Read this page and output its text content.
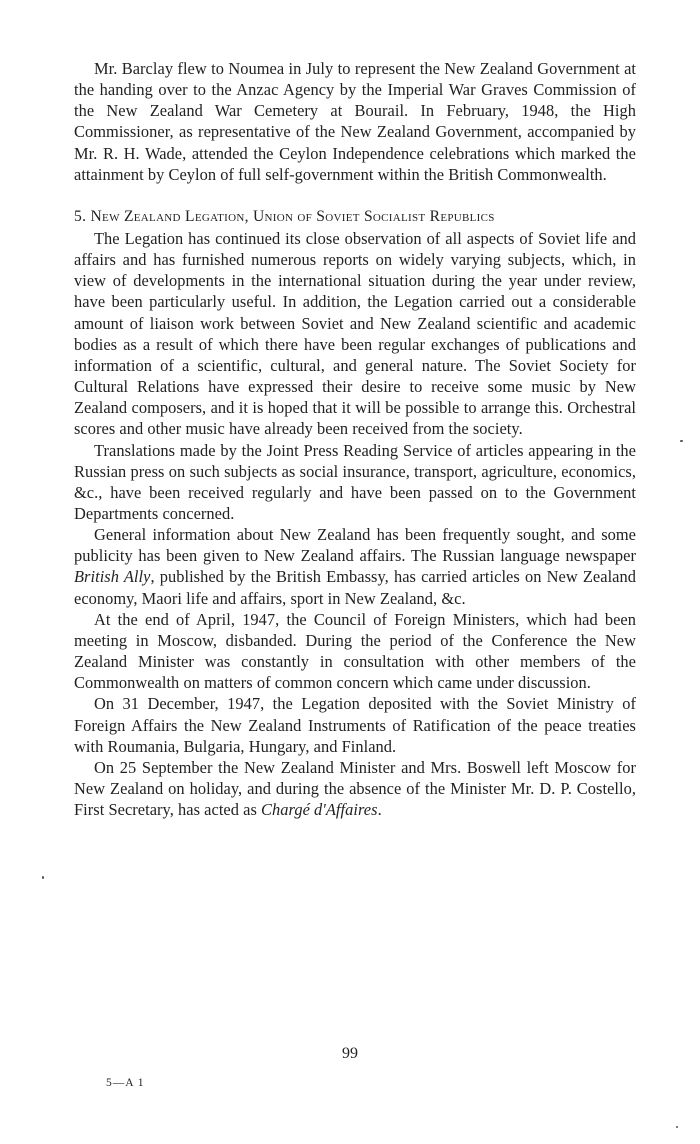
Mr. Barclay flew to Noumea in July to represent the New Zealand Government at the handing over to the Anzac Agency by the Imperial War Graves Commission of the New Zealand War Cemetery at Bourail. In February, 1948, the High Commissioner, as representative of the New Zealand Government, accompanied by Mr. R. H. Wade, attended the Ceylon Independence celebrations which marked the attainment by Ceylon of full self-government within the British Commonwealth.

5. New Zealand Legation, Union of Soviet Socialist Republics

The Legation has continued its close observation of all aspects of Soviet life and affairs and has furnished numerous reports on widely varying subjects, which, in view of developments in the international situation during the year under review, have been particularly useful. In addition, the Legation carried out a considerable amount of liaison work between Soviet and New Zealand scientific and academic bodies as a result of which there have been regular exchanges of publications and information of a scientific, cultural, and general nature. The Soviet Society for Cultural Relations have expressed their desire to receive some music by New Zealand composers, and it is hoped that it will be possible to arrange this. Orchestral scores and other music have already been received from the society.

Translations made by the Joint Press Reading Service of articles appearing in the Russian press on such subjects as social insurance, transport, agriculture, economics, &c., have been received regularly and have been passed on to the Government Departments concerned.

General information about New Zealand has been frequently sought, and some publicity has been given to New Zealand affairs. The Russian language newspaper British Ally, published by the British Embassy, has carried articles on New Zealand economy, Maori life and affairs, sport in New Zealand, &c.

At the end of April, 1947, the Council of Foreign Ministers, which had been meeting in Moscow, disbanded. During the period of the Conference the New Zealand Minister was constantly in consultation with other members of the Commonwealth on matters of common concern which came under discussion.

On 31 December, 1947, the Legation deposited with the Soviet Ministry of Foreign Affairs the New Zealand Instruments of Ratification of the peace treaties with Roumania, Bulgaria, Hungary, and Finland.

On 25 September the New Zealand Minister and Mrs. Boswell left Moscow for New Zealand on holiday, and during the absence of the Minister Mr. D. P. Costello, First Secretary, has acted as Chargé d'Affaires.

99
5—A 1
